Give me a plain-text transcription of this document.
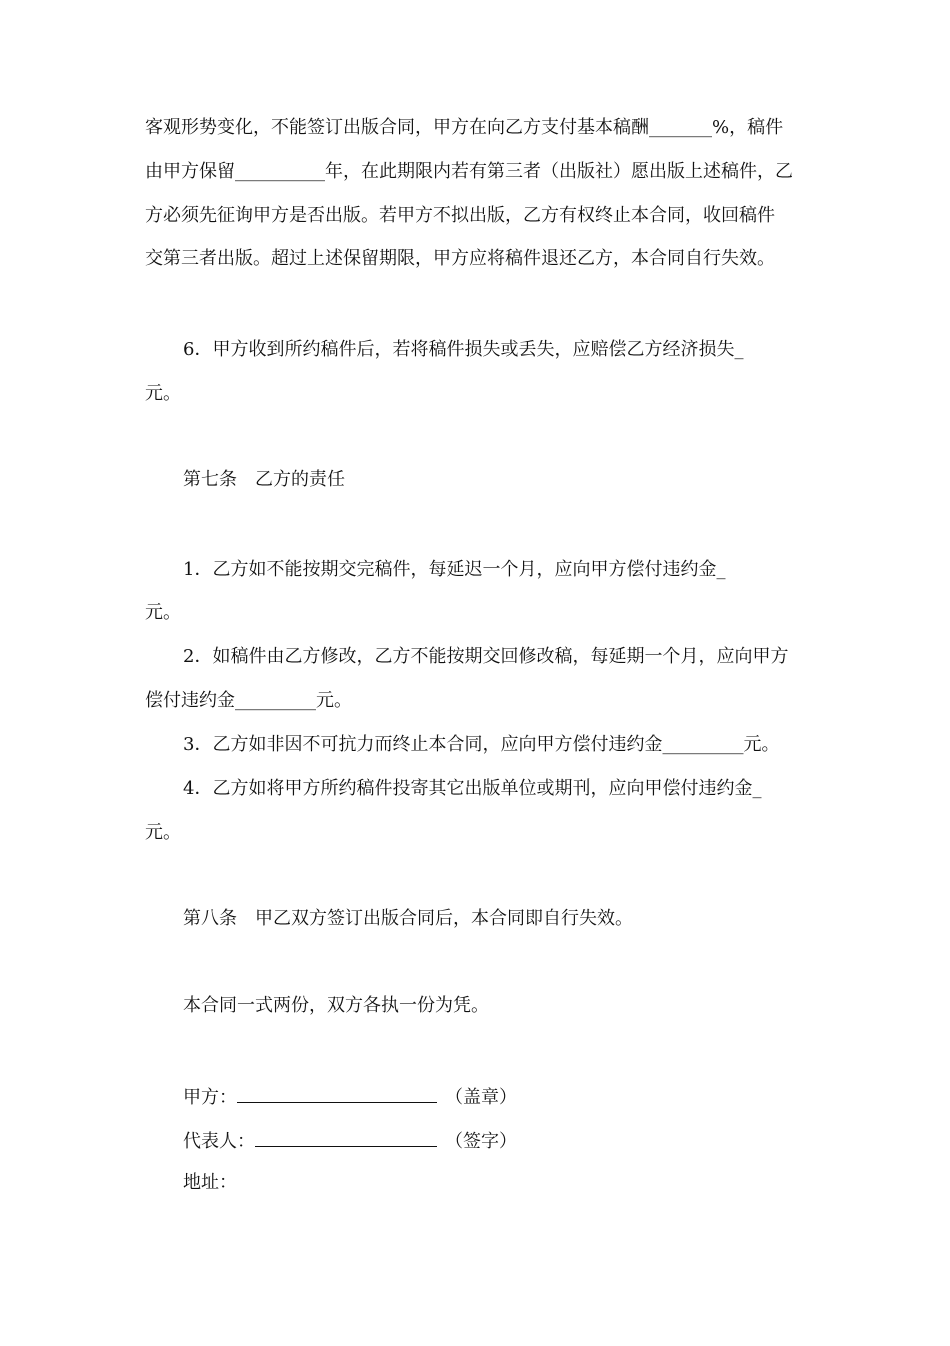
客观形势变化，不能签订出版合同，甲方在向乙方支付基本稿酬_______%，稿件
由甲方保留__________年，在此期限内若有第三者（出版社）愿出版上述稿件，乙
方必须先征询甲方是否出版。若甲方不拟出版，乙方有权终止本合同，收回稿件
交第三者出版。超过上述保留期限，甲方应将稿件退还乙方，本合同自行失效。
6．甲方收到所约稿件后，若将稿件损失或丢失，应赔偿乙方经济损失_
元。
第七条　乙方的责任
1．乙方如不能按期交完稿件，每延迟一个月，应向甲方偿付违约金_
元。
2．如稿件由乙方修改，乙方不能按期交回修改稿，每延期一个月，应向甲方
偿付违约金_________元。
3．乙方如非因不可抗力而终止本合同，应向甲方偿付违约金_________元。
4．乙方如将甲方所约稿件投寄其它出版单位或期刊，应向甲偿付违约金_
元。
第八条　甲乙双方签订出版合同后，本合同即自行失效。
本合同一式两份，双方各执一份为凭。
甲方：	（盖章）
代表人：	（签字）
地址：
